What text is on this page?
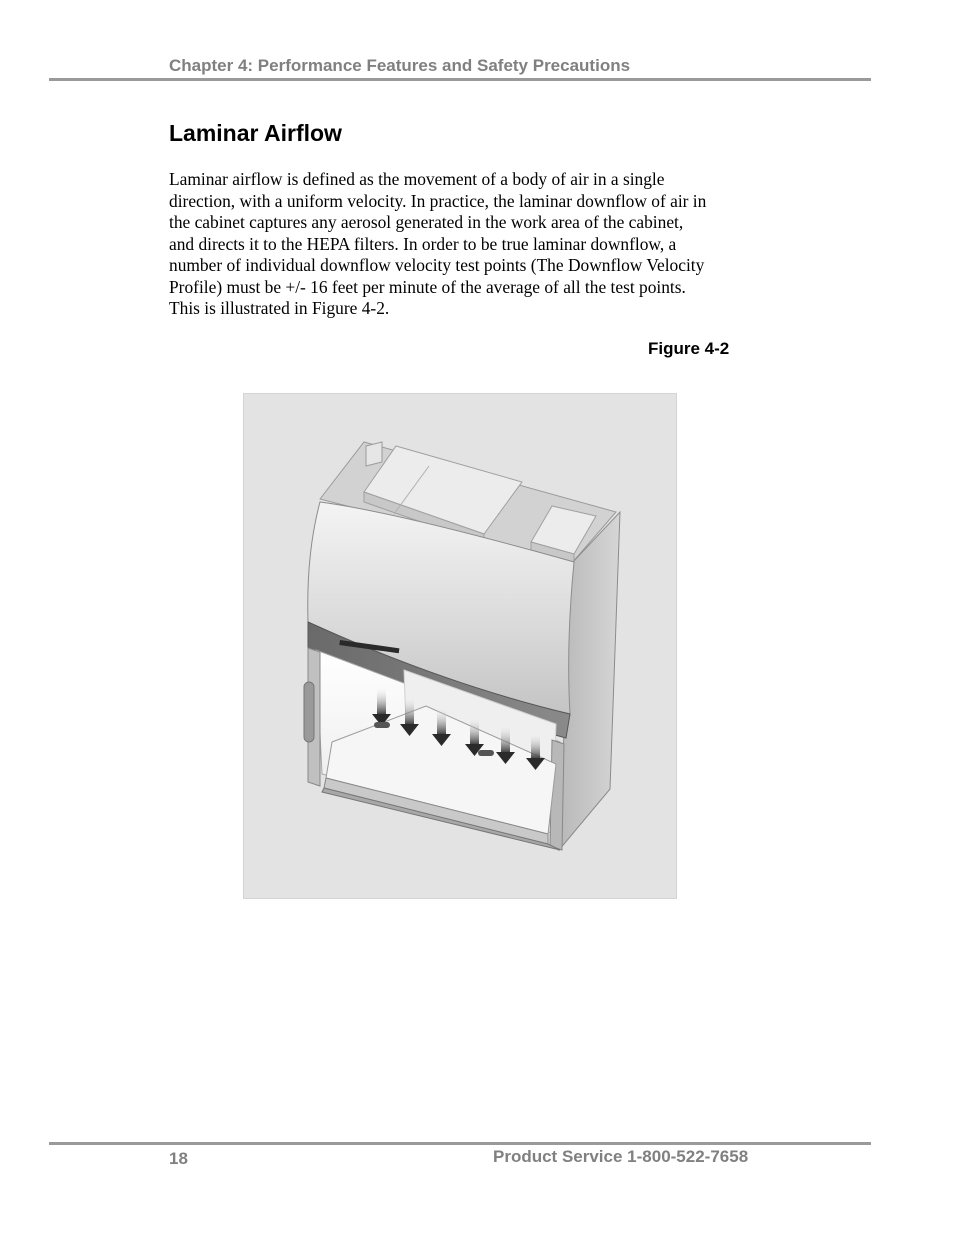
Chapter 4: Performance Features and Safety Precautions
Laminar Airflow

Laminar airflow is defined as the movement of a body of air in a single
direction, with a uniform velocity. In practice, the laminar downflow of air in
the cabinet captures any aerosol generated in the work area of the cabinet,
and directs it to the HEPA filters. In order to be true laminar downflow, a
number of individual downflow velocity test points (The Downflow Velocity
Profile) must be +/- 16 feet per minute of the average of all the test points.
This is illustrated in Figure 4-2.

Figure 4-2
18	Product Service 1-800-522-7658
